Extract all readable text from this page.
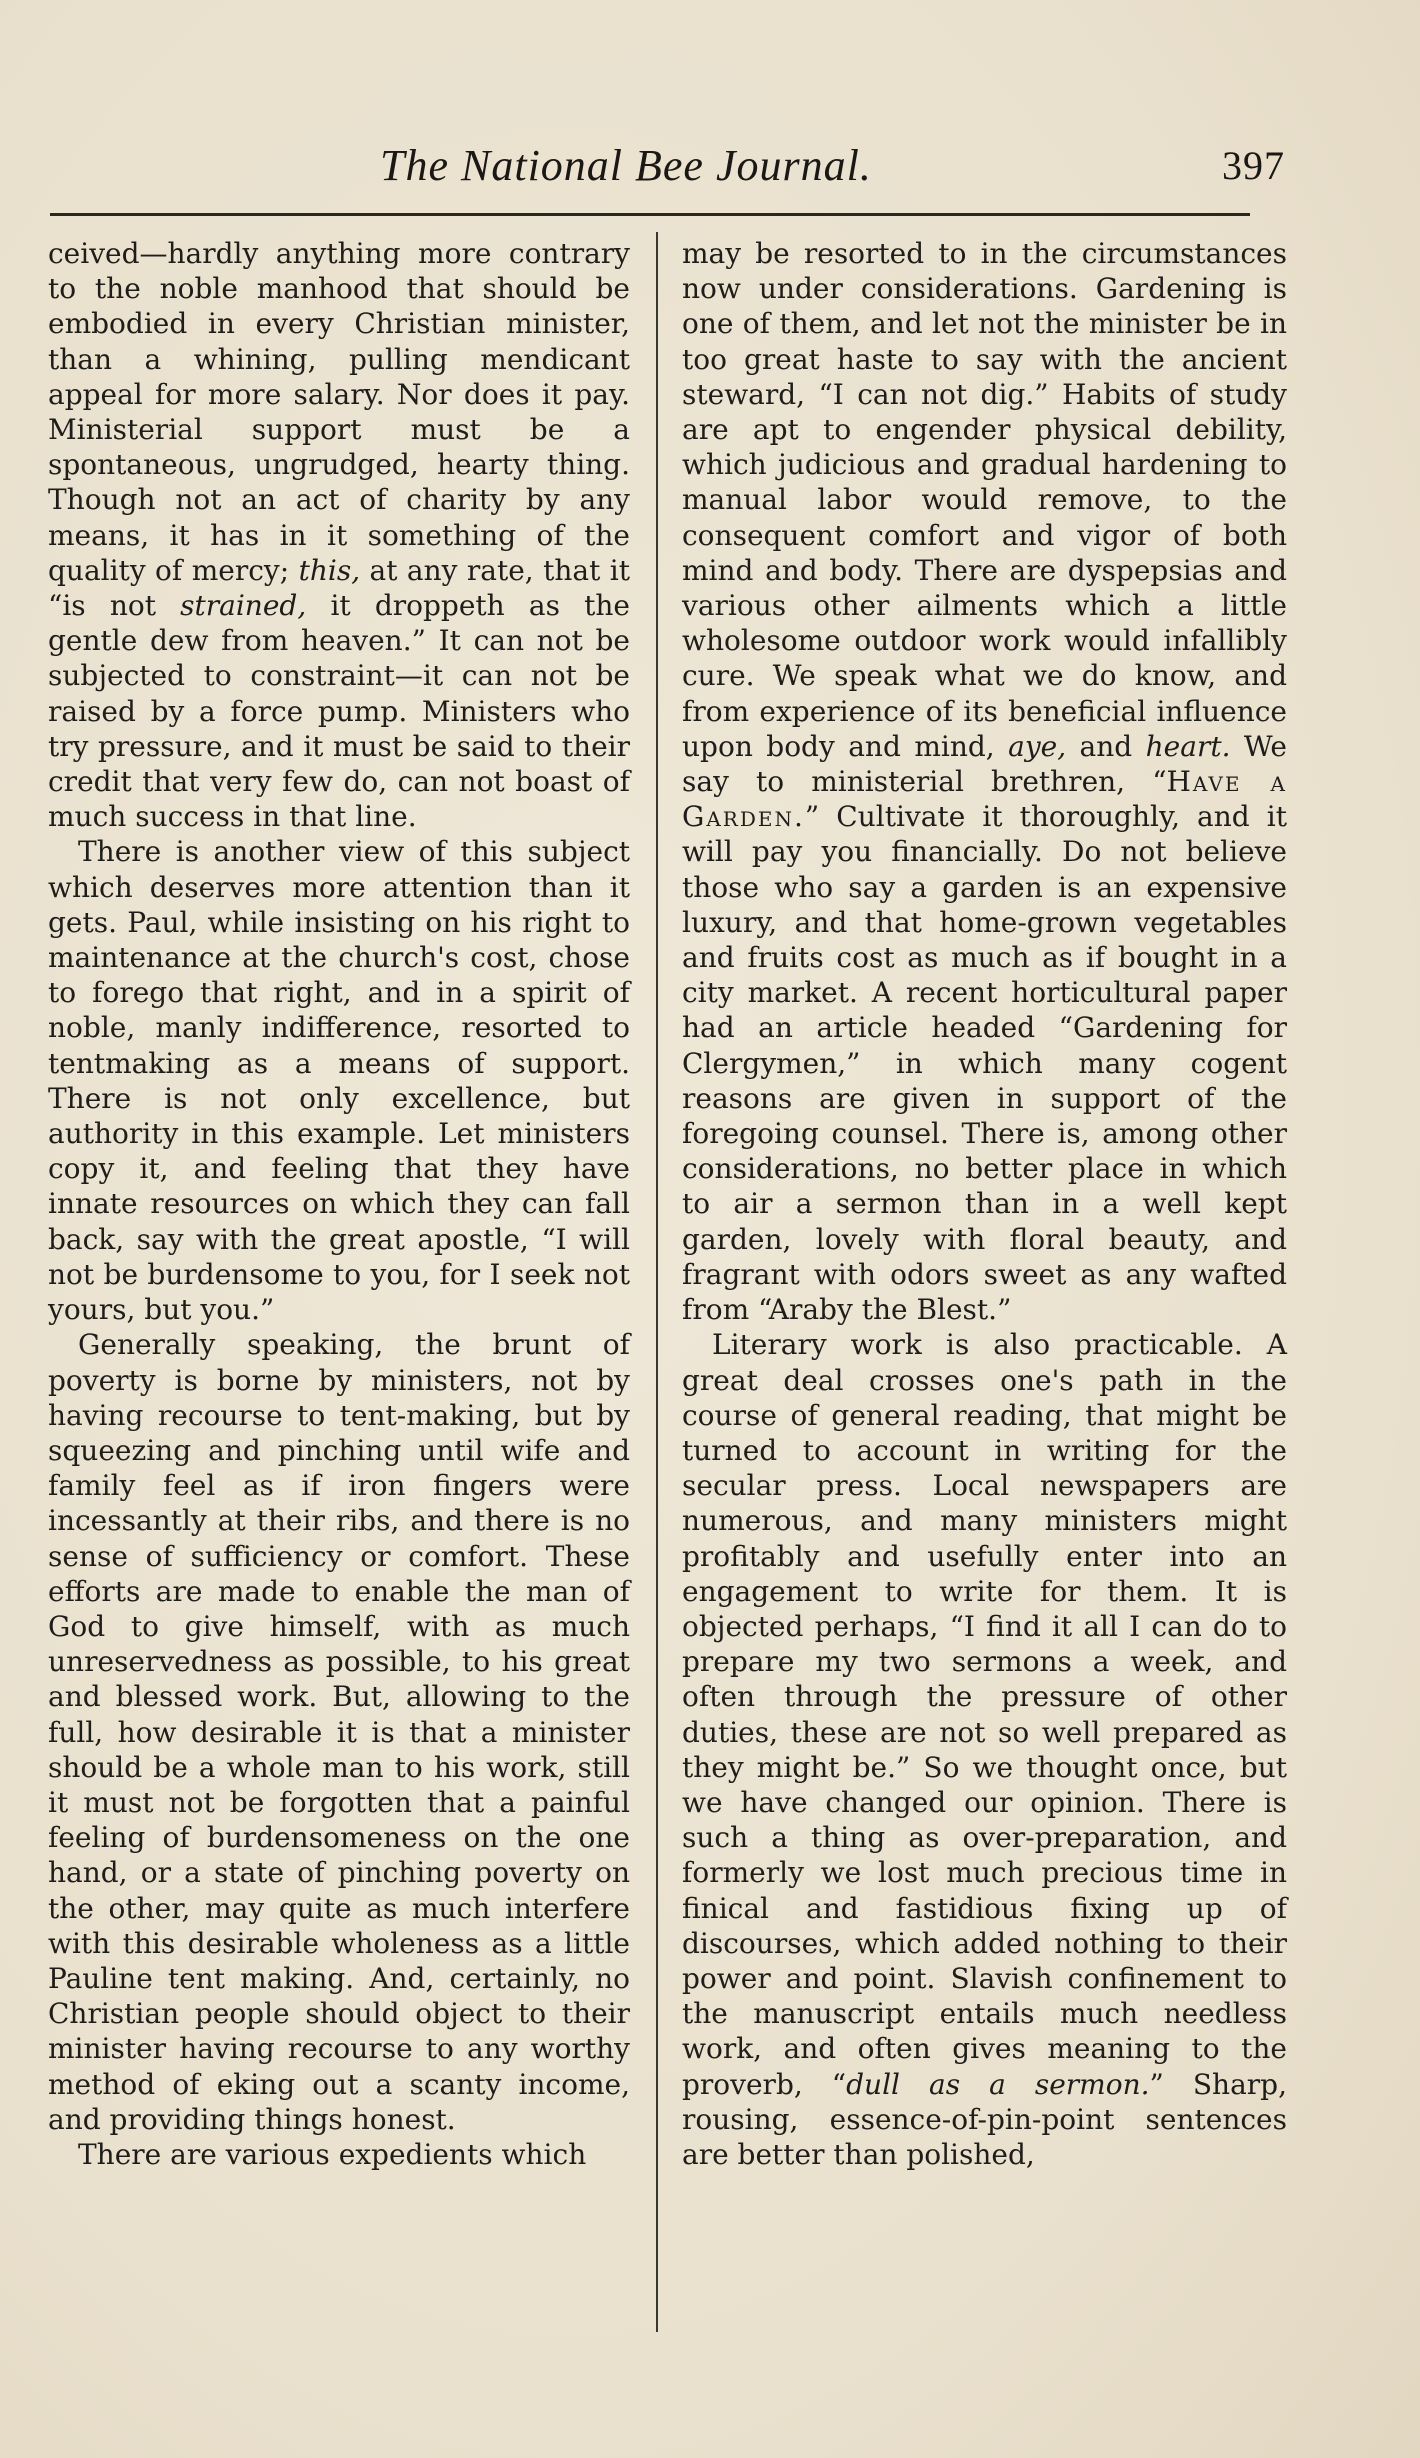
The National Bee Journal.	397

ceived—hardly anything more contrary to the noble manhood that should be embodied in every Christian minister, than a whining, pulling mendicant appeal for more salary. Nor does it pay. Ministerial support must be a spontaneous, ungrudged, hearty thing. Though not an act of charity by any means, it has in it something of the quality of mercy; this, at any rate, that it “is not strained, it droppeth as the gentle dew from heaven.” It can not be subjected to constraint—it can not be raised by a force pump. Ministers who try pressure, and it must be said to their credit that very few do, can not boast of much success in that line.

There is another view of this subject which deserves more attention than it gets. Paul, while insisting on his right to maintenance at the church's cost, chose to forego that right, and in a spirit of noble, manly indifference, resorted to tentmaking as a means of support. There is not only excellence, but authority in this example. Let ministers copy it, and feeling that they have innate resources on which they can fall back, say with the great apostle, “I will not be burdensome to you, for I seek not yours, but you.”

Generally speaking, the brunt of poverty is borne by ministers, not by having recourse to tent-making, but by squeezing and pinching until wife and family feel as if iron fingers were incessantly at their ribs, and there is no sense of sufficiency or comfort. These efforts are made to enable the man of God to give himself, with as much unreservedness as possible, to his great and blessed work. But, allowing to the full, how desirable it is that a minister should be a whole man to his work, still it must not be forgotten that a painful feeling of burdensomeness on the one hand, or a state of pinching poverty on the other, may quite as much interfere with this desirable wholeness as a little Pauline tent making. And, certainly, no Christian people should object to their minister having recourse to any worthy method of eking out a scanty income, and providing things honest.

There are various expedients which

may be resorted to in the circumstances now under considerations. Gardening is one of them, and let not the minister be in too great haste to say with the ancient steward, “I can not dig.” Habits of study are apt to engender physical debility, which judicious and gradual hardening to manual labor would remove, to the consequent comfort and vigor of both mind and body. There are dyspepsias and various other ailments which a little wholesome outdoor work would infallibly cure. We speak what we do know, and from experience of its beneficial influence upon body and mind, aye, and heart. We say to ministerial brethren, “Have a Garden.” Cultivate it thoroughly, and it will pay you financially. Do not believe those who say a garden is an expensive luxury, and that home-grown vegetables and fruits cost as much as if bought in a city market. A recent horticultural paper had an article headed “Gardening for Clergymen,” in which many cogent reasons are given in support of the foregoing counsel. There is, among other considerations, no better place in which to air a sermon than in a well kept garden, lovely with floral beauty, and fragrant with odors sweet as any wafted from “Araby the Blest.”

Literary work is also practicable. A great deal crosses one's path in the course of general reading, that might be turned to account in writing for the secular press. Local newspapers are numerous, and many ministers might profitably and usefully enter into an engagement to write for them. It is objected perhaps, “I find it all I can do to prepare my two sermons a week, and often through the pressure of other duties, these are not so well prepared as they might be.” So we thought once, but we have changed our opinion. There is such a thing as over-preparation, and formerly we lost much precious time in finical and fastidious fixing up of discourses, which added nothing to their power and point. Slavish confinement to the manuscript entails much needless work, and often gives meaning to the proverb, “dull as a sermon.” Sharp, rousing, essence-of-pin-point sentences are better than polished,
